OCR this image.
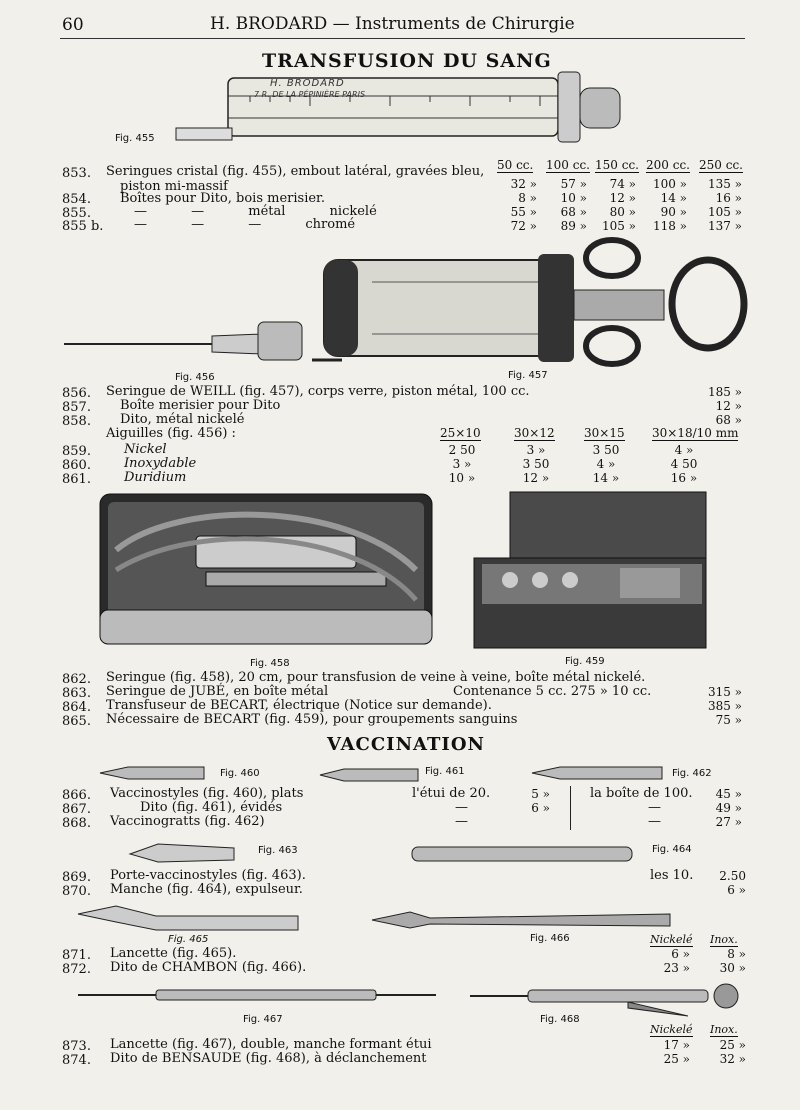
60	H. BRODARD — Instruments de Chirurgie
TRANSFUSION DU SANG
H. BRODARD
7 R. DE LA PÉPINIÈRE PARIS
Fig. 455
50 cc. 100 cc. 150 cc. 200 cc. 250 cc.
853. Seringues cristal (fig. 455), embout latéral, gravées bleu,
piston mi-massif	32 »	57 »	74 »	100 »	135 »
854. Boîtes pour Dito, bois merisier.	8 »	10 »	12 »	14 »	16 »
855.	— — métal nickelé	55 »	68 »	80 »	90 »	105 »
855 b. — — — chromé	72 »	89 »	105 »	118 »	137 »
Fig. 456	Fig. 457
856. Seringue de WEILL (fig. 457), corps verre, piston métal, 100 cc.	185 »
857. Boîte merisier pour Dito	12 »
858. Dito, métal nickelé	68 »
Aiguilles (fig. 456) :	25×10	30×12 30×15 30×18/10 mm
859.	Nickel	2 50	3 »	3 50	4 »
860.	Inoxydable	3 »	3 50	4 »	4 50
861.	Duridium	10 »	12 »	14 »	16 »
Fig. 458	Fig. 459
862. Seringue (fig. 458), 20 cm, pour transfusion de veine à veine, boîte métal nickelé.
863. Seringue de JUBÉ, en boîte métal	Contenance 5 cc. 275 » 10 cc.	315 »
864. Transfuseur de BECART, électrique (Notice sur demande).	385 »
865. Nécessaire de BECART (fig. 459), pour groupements sanguins	75 »
VACCINATION
Fig. 460	Fig. 461	Fig. 462
866. Vaccinostyles (fig. 460), plats	l'étui de 20.	5 »	la boîte de 100.	45 »
867.	Dito (fig. 461), évidés	—	6 »	—	49 »
868. Vaccinogratts (fig. 462)	—	—	27 »
Fig. 463	Fig. 464
869. Porte-vaccinostyles (fig. 463).	les 10.	2.50
870. Manche (fig. 464), expulseur.	6 »
Fig. 465	Fig. 466	Nickelé Inox.
871. Lancette (fig. 465).	6 »	8 »
872. Dito de CHAMBON (fig. 466).	23 »	30 »
Fig. 467	Fig. 468
Nickelé Inox.
873. Lancette (fig. 467), double, manche formant étui	17 »	25 »
874. Dito de BENSAUDE (fig. 468), à déclanchement	25 »	32 »
